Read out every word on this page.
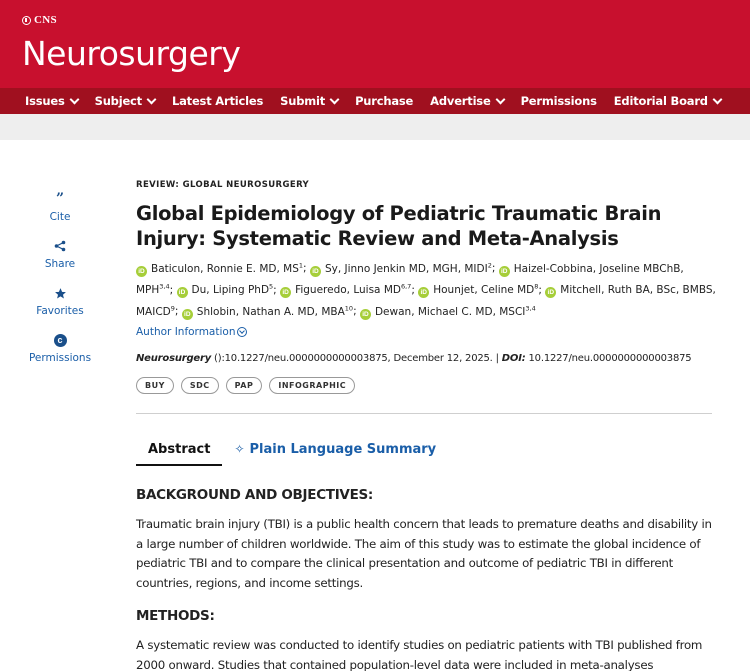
CNS
Neurosurgery
Issues	Subject	Latest Articles Submit	Purchase Advertise	Permissions Editorial Board
”
Cite
Share
Favorites
c
Permissions
REVIEW: GLOBAL NEUROSURGERY
Global Epidemiology of Pediatric Traumatic Brain Injury: Systematic Review and Meta-Analysis
iD Baticulon, Ronnie E. MD, $MS^1$; iD Sy, Jinno Jenkin MD, MGH, MIDI$^2$; iD Haizel-Cobbina, Joseline MBChB, MPH$^{3,4}$; iD Du, Liping PhD$^5$; iD Figueredo, Luisa MD$^{6,7}$; iD Hounjet, Celine $MD^8$; iD Mitchell, Ruth BA, BSc, BMBS, MAICD$^9$; iD Shlobin, Nathan A. MD, MBA$^{10}$; iD Dewan, Michael C. MD, MSCI$^{3,4}$
Author Information
Neurosurgery ():10.1227/neu.0000000000003875, December 12, 2025. | DOI: 10.1227/neu.0000000000003875
BUY	SDC	PAP	INFOGRAPHIC
Abstract ✧ Plain Language Summary
BACKGROUND AND OBJECTIVES:
Traumatic brain injury (TBI) is a public health concern that leads to premature deaths and disability in a large number of children worldwide. The aim of this study was to estimate the global incidence of pediatric TBI and to compare the clinical presentation and outcome of pediatric TBI in different countries, regions, and income settings.
METHODS:
A systematic review was conducted to identify studies on pediatric patients with TBI published from 2000 onward. Studies that contained population-level data were included in meta-analyses
